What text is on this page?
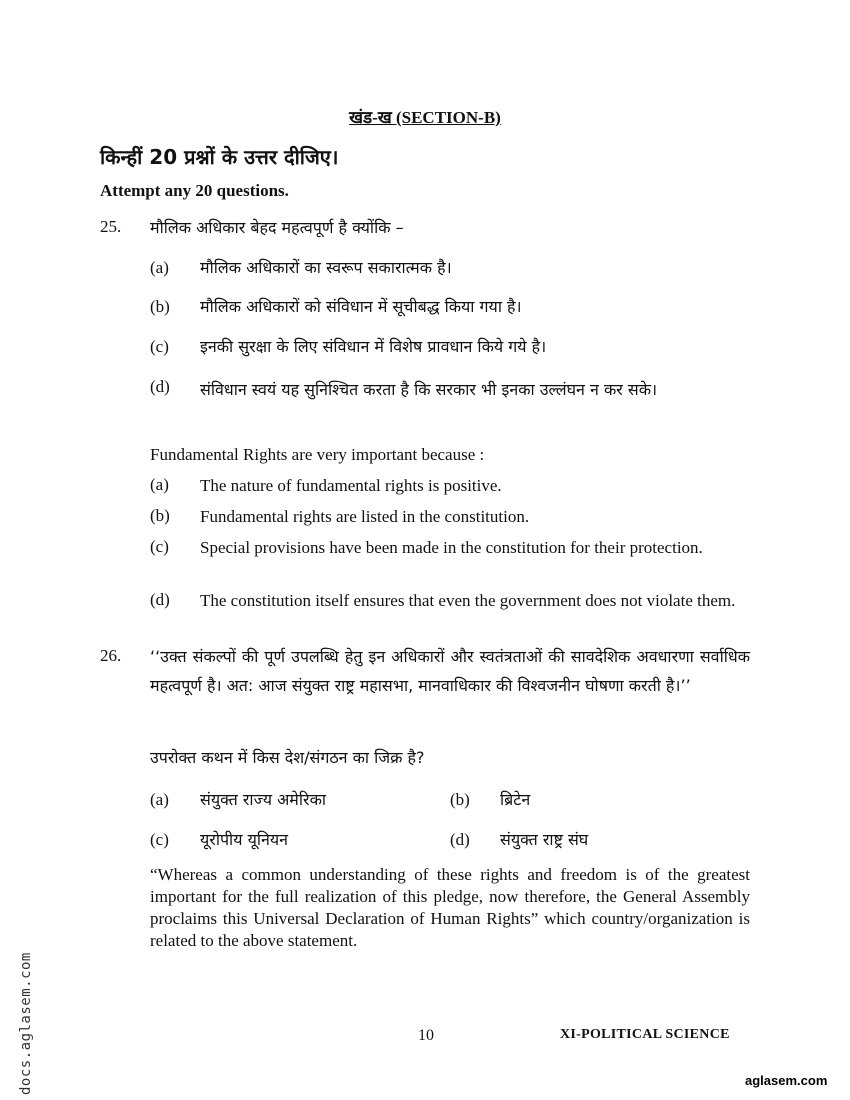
खंड-ख (SECTION-B)
किन्हीं 20 प्रश्नों के उत्तर दीजिए।
Attempt any 20 questions.
25. मौलिक अधिकार बेहद महत्वपूर्ण है क्योंकि –
(a) मौलिक अधिकारों का स्वरूप सकारात्मक है।
(b) मौलिक अधिकारों को संविधान में सूचीबद्ध किया गया है।
(c) इनकी सुरक्षा के लिए संविधान में विशेष प्रावधान किये गये है।
(d) संविधान स्वयं यह सुनिश्चित करता है कि सरकार भी इनका उल्लंघन न कर सके।
Fundamental Rights are very important because :
(a) The nature of fundamental rights is positive.
(b) Fundamental rights are listed in the constitution.
(c) Special provisions have been made in the constitution for their protection.
(d) The constitution itself ensures that even the government does not violate them.
26. ‘‘उक्त संकल्पों की पूर्ण उपलब्धि हेतु इन अधिकारों और स्वतंत्रताओं की सावदेशिक अवधारणा सर्वाधिक महत्वपूर्ण है। अत: आज संयुक्त राष्ट्र महासभा, मानवाधिकार की विश्वजनीन घोषणा करती है।’’
उपरोक्त कथन में किस देश/संगठन का जिक्र है?
(a) संयुक्त राज्य अमेरिका	(b) ब्रिटेन
(c) यूरोपीय यूनियन	(d) संयुक्त राष्ट्र संघ
“Whereas a common understanding of these rights and freedom is of the greatest important for the full realization of this pledge, now therefore, the General Assembly proclaims this Universal Declaration of Human Rights” which country/organization is related to the above statement.
10	XI-POLITICAL SCIENCE
aglasem.com
docs.aglasem.com
